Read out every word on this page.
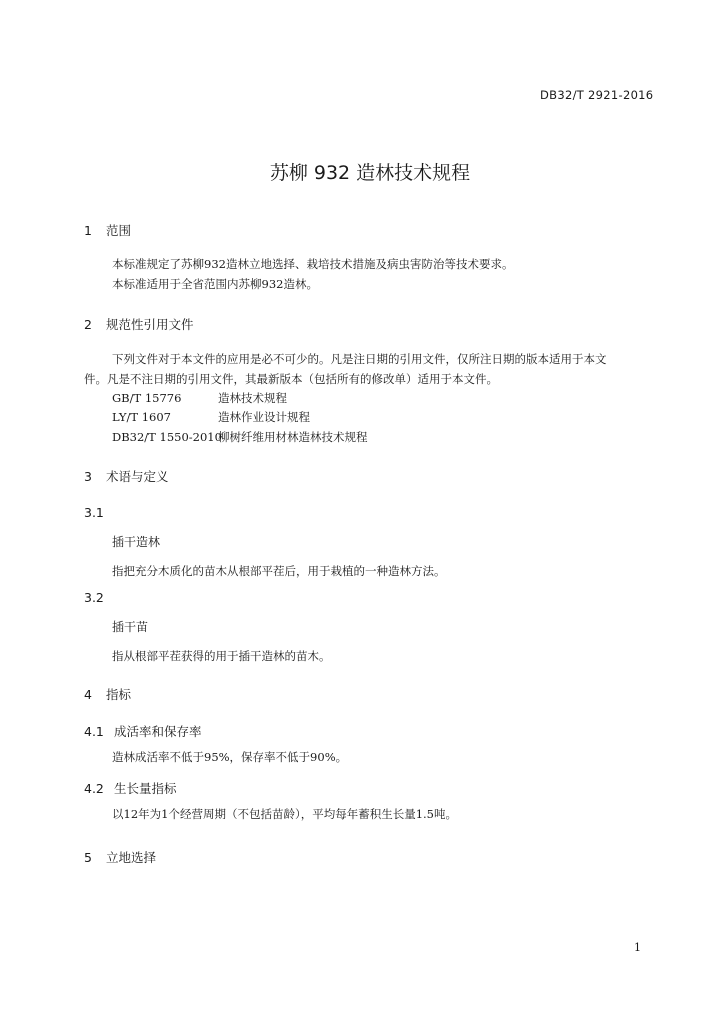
DB32/T 2921-2016
苏柳 932 造林技术规程
1 范围
本标准规定了苏柳932造林立地选择、栽培技术措施及病虫害防治等技术要求。
本标准适用于全省范围内苏柳932造林。
2 规范性引用文件
下列文件对于本文件的应用是必不可少的。凡是注日期的引用文件，仅所注日期的版本适用于本文
件。凡是不注日期的引用文件，其最新版本（包括所有的修改单）适用于本文件。
GB/T 15776	造林技术规程
LY/T 1607	造林作业设计规程
DB32/T 1550-2010柳树纤维用材林造林技术规程
3 术语与定义
3.1
插干造林
指把充分木质化的苗木从根部平茬后，用于栽植的一种造林方法。
3.2
插干苗
指从根部平茬获得的用于插干造林的苗木。
4 指标
4.1 成活率和保存率
造林成活率不低于95%，保存率不低于90%。
4.2 生长量指标
以12年为1个经营周期（不包括苗龄），平均每年蓄积生长量1.5吨。
5 立地选择
1
